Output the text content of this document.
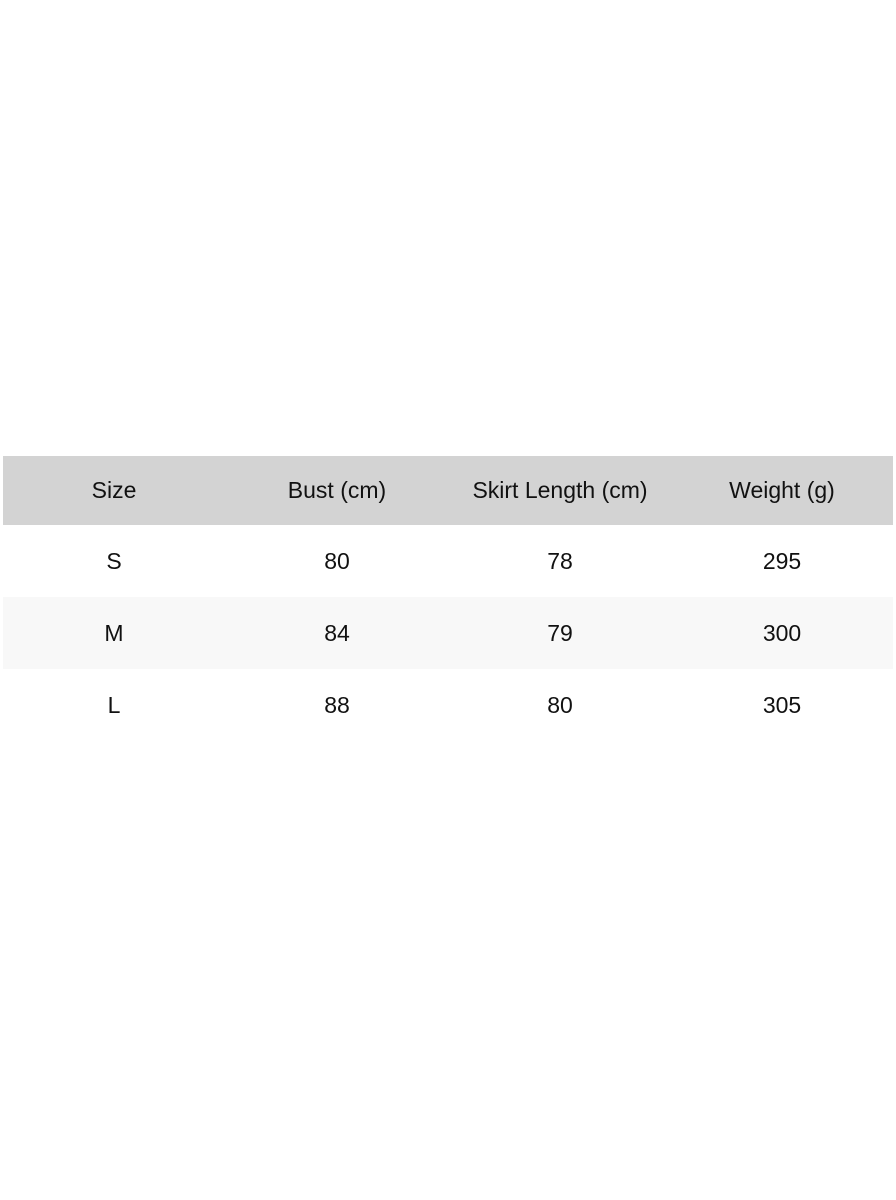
Size	Bust (cm)	Skirt Length (cm)	Weight (g)
S	80	78	295
M	84	79	300
L	88	80	305
